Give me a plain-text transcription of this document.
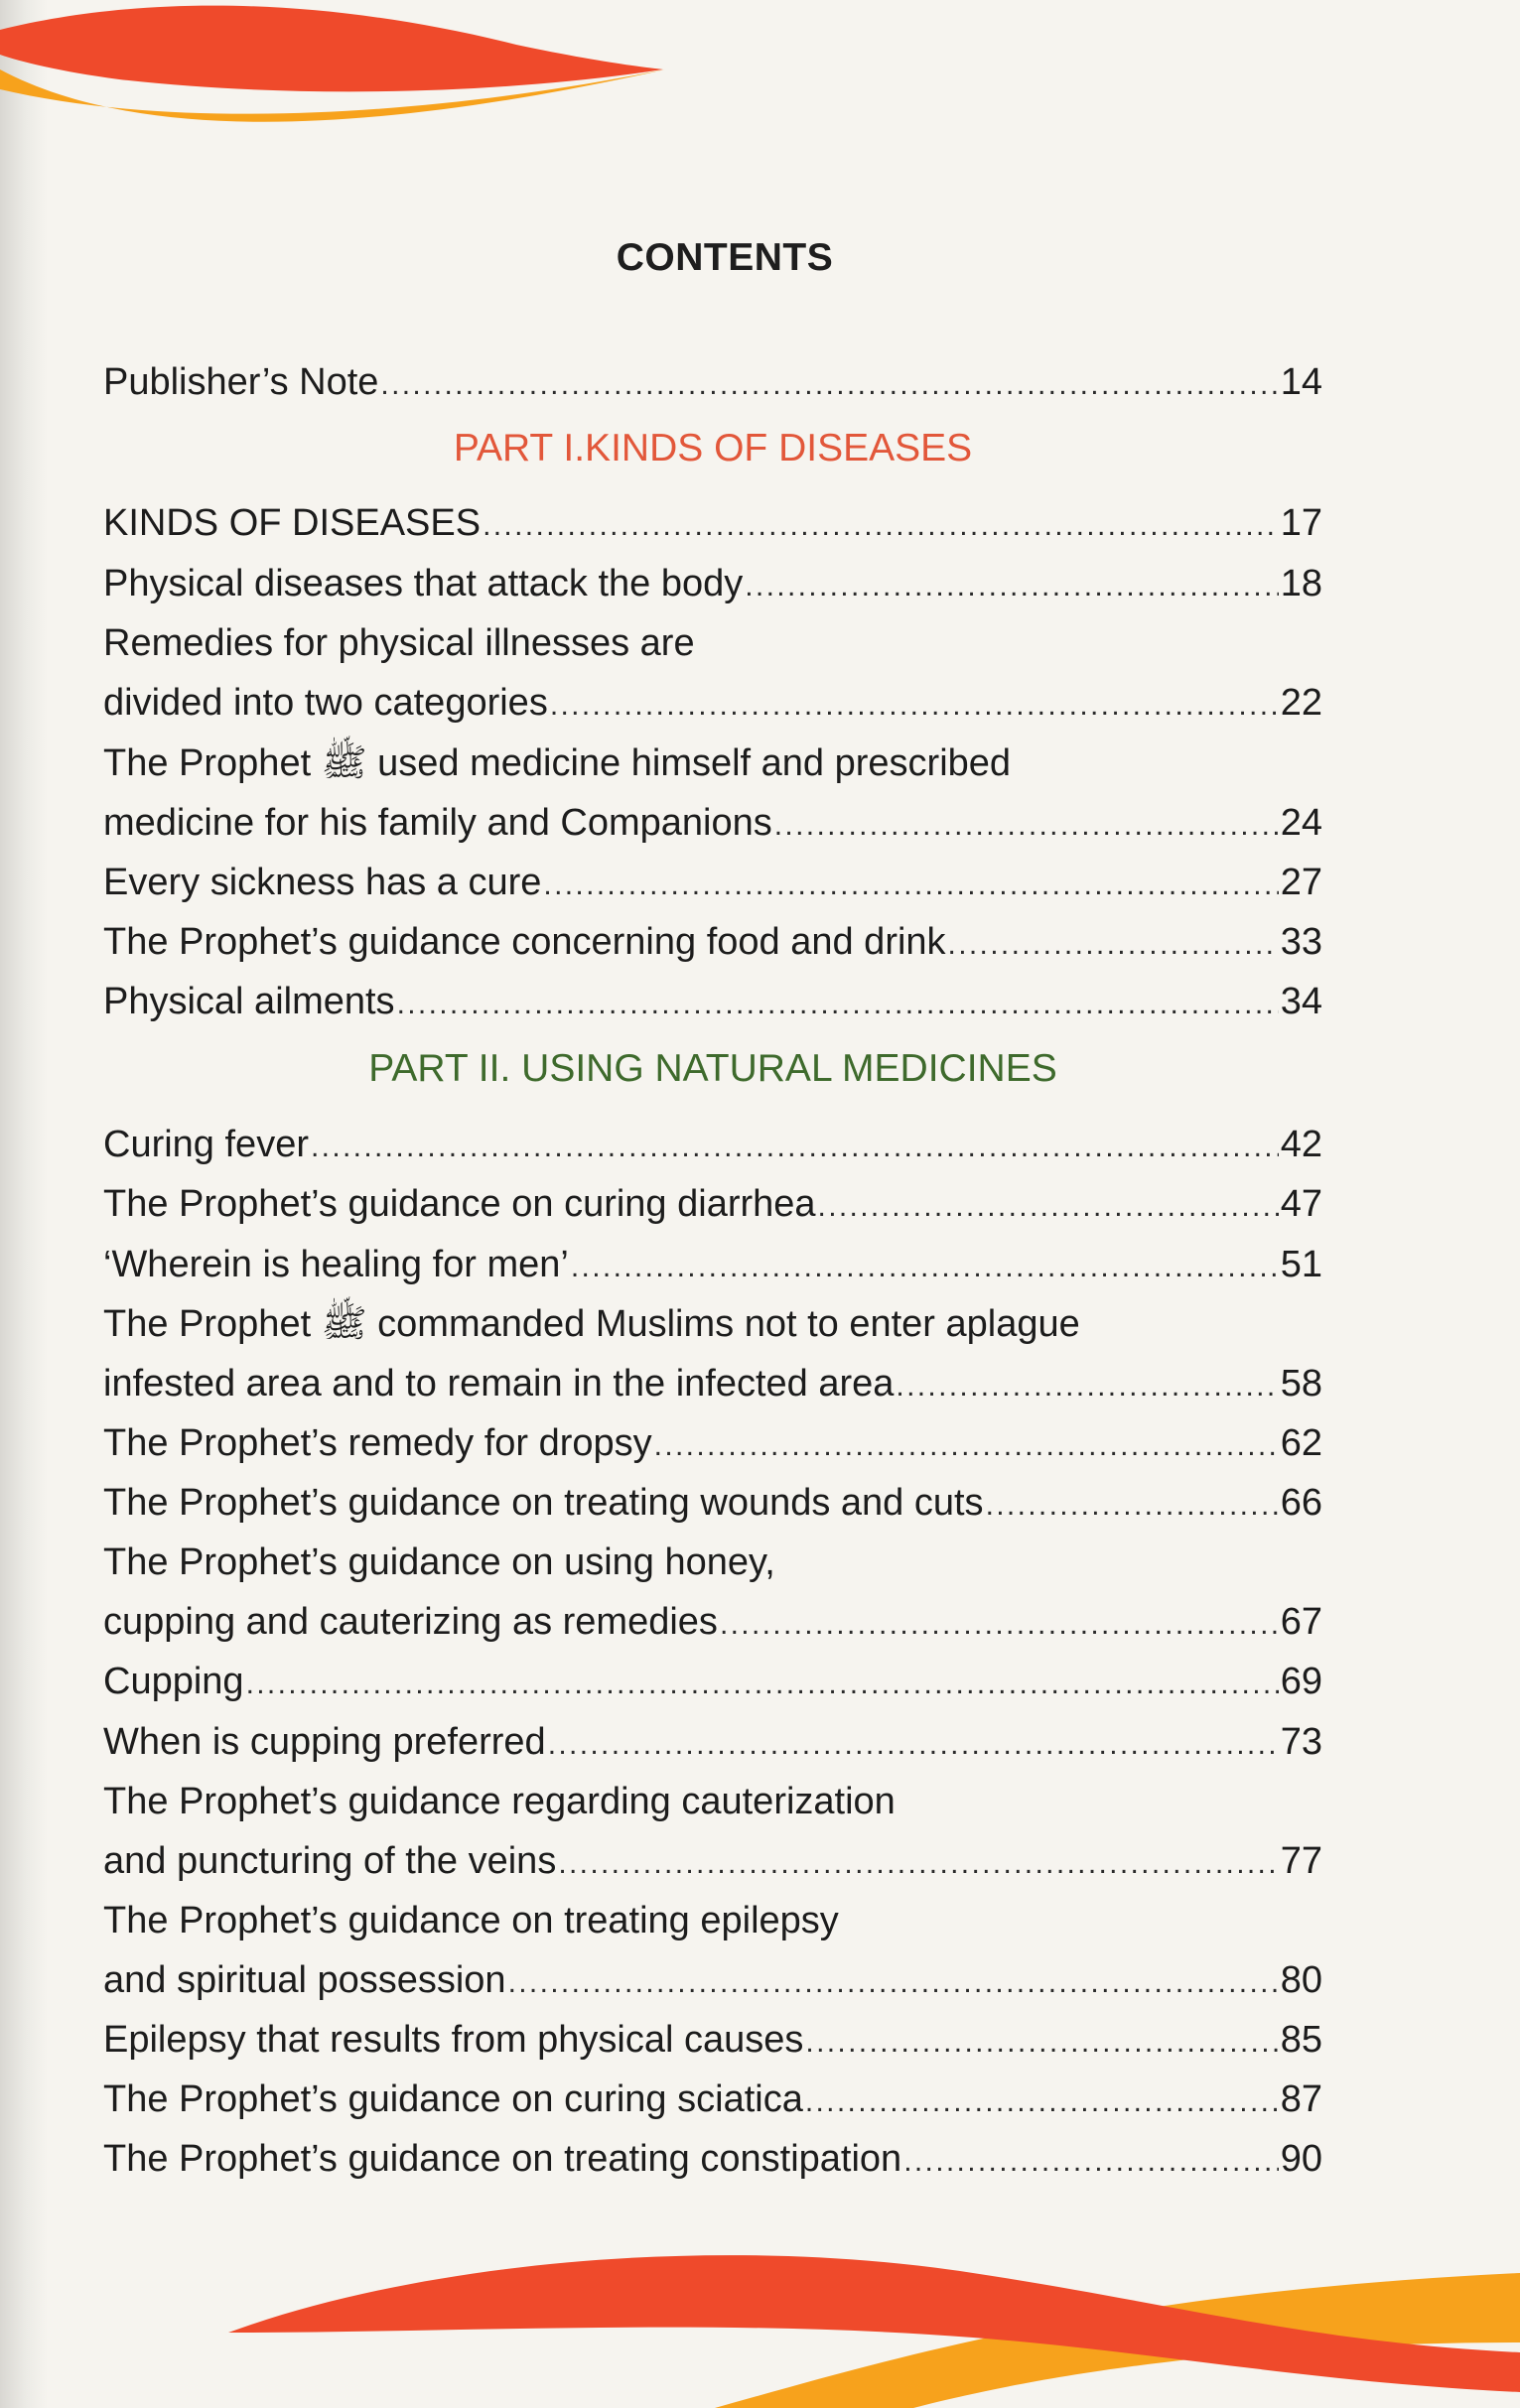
CONTENTS
Publisher’s Note . . .	14
PART I.KINDS OF DISEASES
KINDS OF DISEASES . . .	17
Physical diseases that attack the body . . .	18
Remedies for physical illnesses are
divided into two categories . . .	22
The Prophet ﷺ used medicine himself and prescribed
medicine for his family and Companions . . .	24
Every sickness has a cure . . .	27
The Prophet’s guidance concerning food and drink . . .	33
Physical ailments . . .	34
PART II. USING NATURAL MEDICINES
Curing fever . . .	42
The Prophet’s guidance on curing diarrhea . . .	47
‘Wherein is healing for men’ . . .	51
The Prophet ﷺ commanded Muslims not to enter aplague
infested area and to remain in the infected area . . .	58
The Prophet’s remedy for dropsy . . .	62
The Prophet’s guidance on treating wounds and cuts . . .	66
The Prophet’s guidance on using honey,
cupping and cauterizing as remedies . . .	67
Cupping . . .	69
When is cupping preferred . . .	73
The Prophet’s guidance regarding cauterization
and puncturing of the veins . . .	77
The Prophet’s guidance on treating epilepsy
and spiritual possession . . .	80
Epilepsy that results from physical causes . . .	85
The Prophet’s guidance on curing sciatica . . .	87
The Prophet’s guidance on treating constipation . . .	90
